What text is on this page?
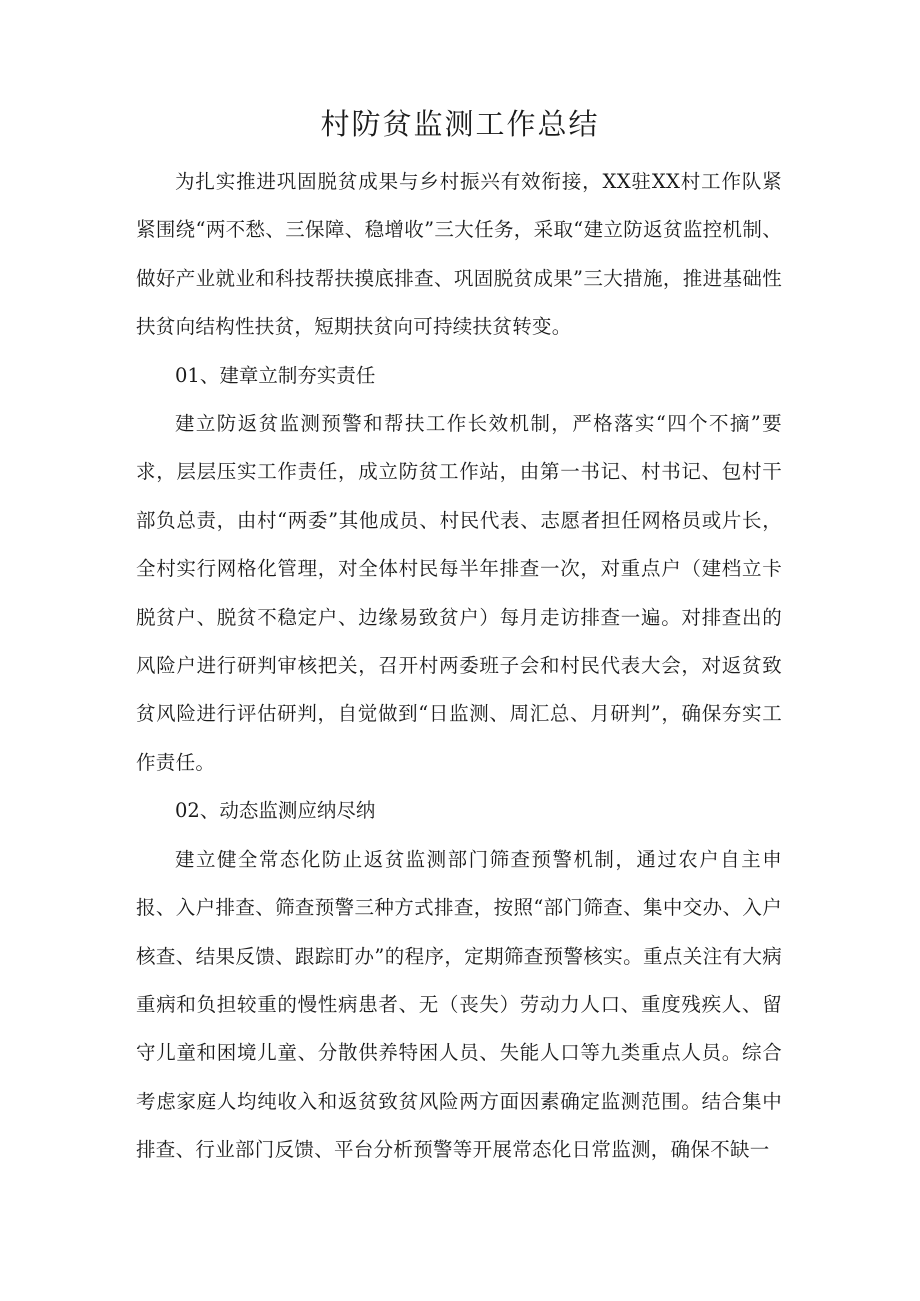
村防贫监测工作总结

为扎实推进巩固脱贫成果与乡村振兴有效衔接，XX驻XX村工作队紧紧围绕“两不愁、三保障、稳增收”三大任务，采取“建立防返贫监控机制、做好产业就业和科技帮扶摸底排查、巩固脱贫成果”三大措施，推进基础性扶贫向结构性扶贫，短期扶贫向可持续扶贫转变。

01、建章立制夯实责任

建立防返贫监测预警和帮扶工作长效机制，严格落实“四个不摘”要求，层层压实工作责任，成立防贫工作站，由第一书记、村书记、包村干部负总责，由村“两委”其他成员、村民代表、志愿者担任网格员或片长，全村实行网格化管理，对全体村民每半年排查一次，对重点户（建档立卡脱贫户、脱贫不稳定户、边缘易致贫户）每月走访排查一遍。对排查出的风险户进行研判审核把关，召开村两委班子会和村民代表大会，对返贫致贫风险进行评估研判，自觉做到“日监测、周汇总、月研判”，确保夯实工作责任。

02、动态监测应纳尽纳

建立健全常态化防止返贫监测部门筛查预警机制，通过农户自主申报、入户排查、筛查预警三种方式排查，按照“部门筛查、集中交办、入户核查、结果反馈、跟踪盯办”的程序，定期筛查预警核实。重点关注有大病重病和负担较重的慢性病患者、无（丧失）劳动力人口、重度残疾人、留守儿童和困境儿童、分散供养特困人员、失能人口等九类重点人员。综合考虑家庭人均纯收入和返贫致贫风险两方面因素确定监测范围。结合集中排查、行业部门反馈、平台分析预警等开展常态化日常监测，确保不缺一
